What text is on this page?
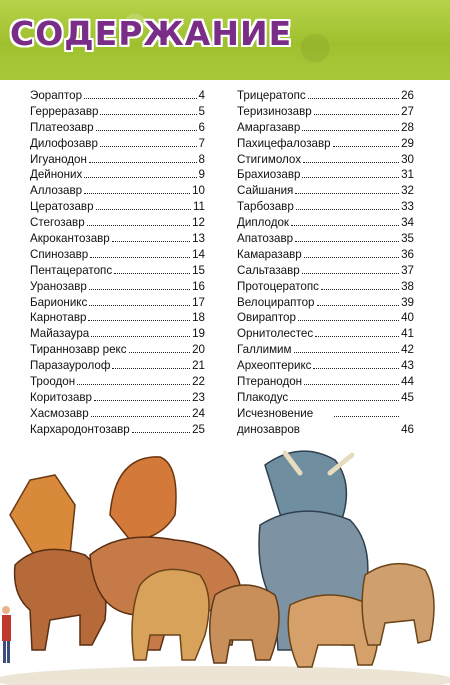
СОДЕРЖАНИЕ
Эораптор	4
Герреразавр	5
Платеозавр	6
Дилофозавр	7
Игуанодон	8
Дейноних	9
Аллозавр	10
Цератозавр	11
Стегозавр	12
Акрокантозавр	13
Спинозавр	14
Пентацератопс	15
Уранозавр	16
Барионикс	17
Карнотавр	18
Майазаура	19
Тираннозавр рекс	20
Паразауролоф	21
Троодон	22
Коритозавр	23
Хасмозавр	24
Кархародонтозавр	25
Трицератопс	26
Теризинозавр	27
Амаргазавр	28
Пахицефалозавр	29
Стигимолох	30
Брахиозавр	31
Сайшания	32
Тарбозавр	33
Диплодок	34
Апатозавр	35
Камаразавр	36
Сальтазавр	37
Протоцератопс	38
Велоцираптор	39
Овираптор	40
Орнитолестес	41
Галлимим	42
Археоптерикс	43
Птеранодон	44
Плакодус	45
Исчезновение динозавров	46
